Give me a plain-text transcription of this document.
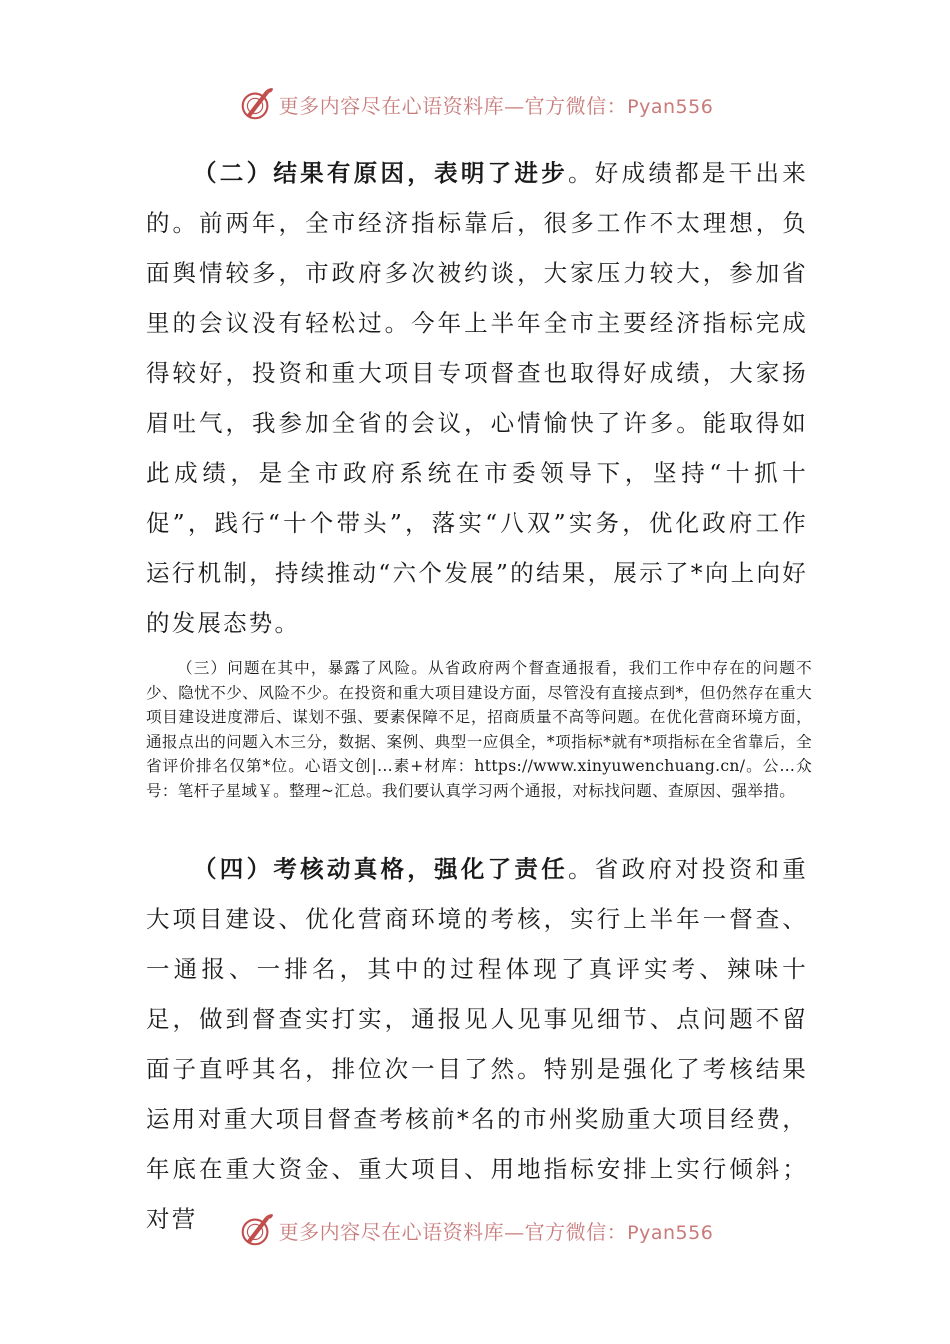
更多内容尽在心语资料库—官方微信：Pyan556

（二）结果有原因，表明了进步。好成绩都是干出来的。前两年，全市经济指标靠后，很多工作不太理想，负面舆情较多，市政府多次被约谈，大家压力较大，参加省里的会议没有轻松过。今年上半年全市主要经济指标完成得较好，投资和重大项目专项督查也取得好成绩，大家扬眉吐气，我参加全省的会议，心情愉快了许多。能取得如此成绩，是全市政府系统在市委领导下，坚持“十抓十促”，践行“十个带头”，落实“八双”实务，优化政府工作运行机制，持续推动“六个发展”的结果，展示了*向上向好的发展态势。

（三）问题在其中，暴露了风险。从省政府两个督查通报看，我们工作中存在的问题不少、隐忧不少、风险不少。在投资和重大项目建设方面，尽管没有直接点到*，但仍然存在重大项目建设进度滞后、谋划不强、要素保障不足，招商质量不高等问题。在优化营商环境方面，通报点出的问题入木三分，数据、案例、典型一应俱全，*项指标*就有*项指标在全省靠后，全省评价排名仅第*位。心语文创|...素+材库：https://www.xinyuwenchuang.cn/。公…众号：笔杆子星域￥。整理~汇总。我们要认真学习两个通报，对标找问题、查原因、强举措。

（四）考核动真格，强化了责任。省政府对投资和重大项目建设、优化营商环境的考核，实行上半年一督查、一通报、一排名，其中的过程体现了真评实考、辣味十足，做到督查实打实，通报见人见事见细节、点问题不留面子直呼其名，排位次一目了然。特别是强化了考核结果运用对重大项目督查考核前*名的市州奖励重大项目经费，年底在重大资金、重大项目、用地指标安排上实行倾斜；对营	更多内容尽在心语资料库—官方微信：Pyan556
